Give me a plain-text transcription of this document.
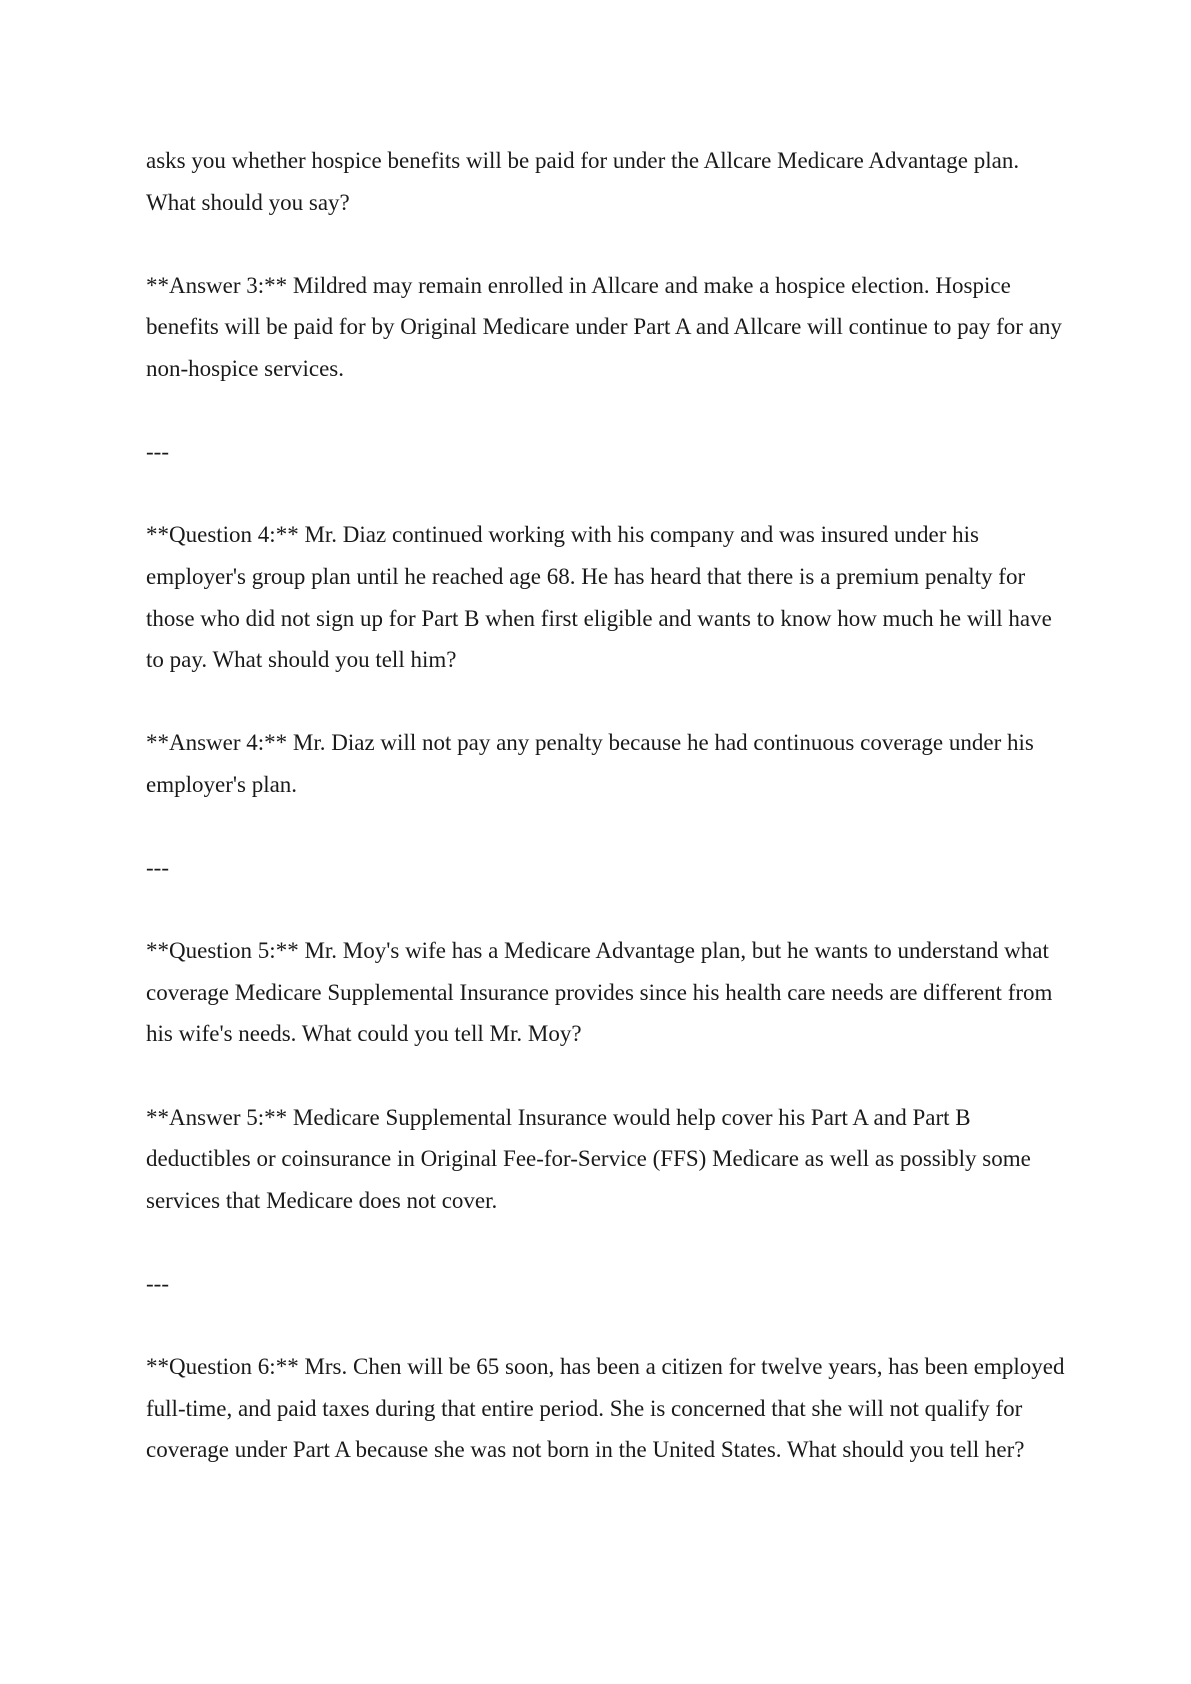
asks you whether hospice benefits will be paid for under the Allcare Medicare Advantage plan. What should you say?

**Answer 3:** Mildred may remain enrolled in Allcare and make a hospice election. Hospice benefits will be paid for by Original Medicare under Part A and Allcare will continue to pay for any non-hospice services.

---

**Question 4:** Mr. Diaz continued working with his company and was insured under his employer's group plan until he reached age 68. He has heard that there is a premium penalty for those who did not sign up for Part B when first eligible and wants to know how much he will have to pay. What should you tell him?

**Answer 4:** Mr. Diaz will not pay any penalty because he had continuous coverage under his employer's plan.

---

**Question 5:** Mr. Moy's wife has a Medicare Advantage plan, but he wants to understand what coverage Medicare Supplemental Insurance provides since his health care needs are different from his wife's needs. What could you tell Mr. Moy?

**Answer 5:** Medicare Supplemental Insurance would help cover his Part A and Part B deductibles or coinsurance in Original Fee-for-Service (FFS) Medicare as well as possibly some services that Medicare does not cover.

---

**Question 6:** Mrs. Chen will be 65 soon, has been a citizen for twelve years, has been employed full-time, and paid taxes during that entire period. She is concerned that she will not qualify for coverage under Part A because she was not born in the United States. What should you tell her?
